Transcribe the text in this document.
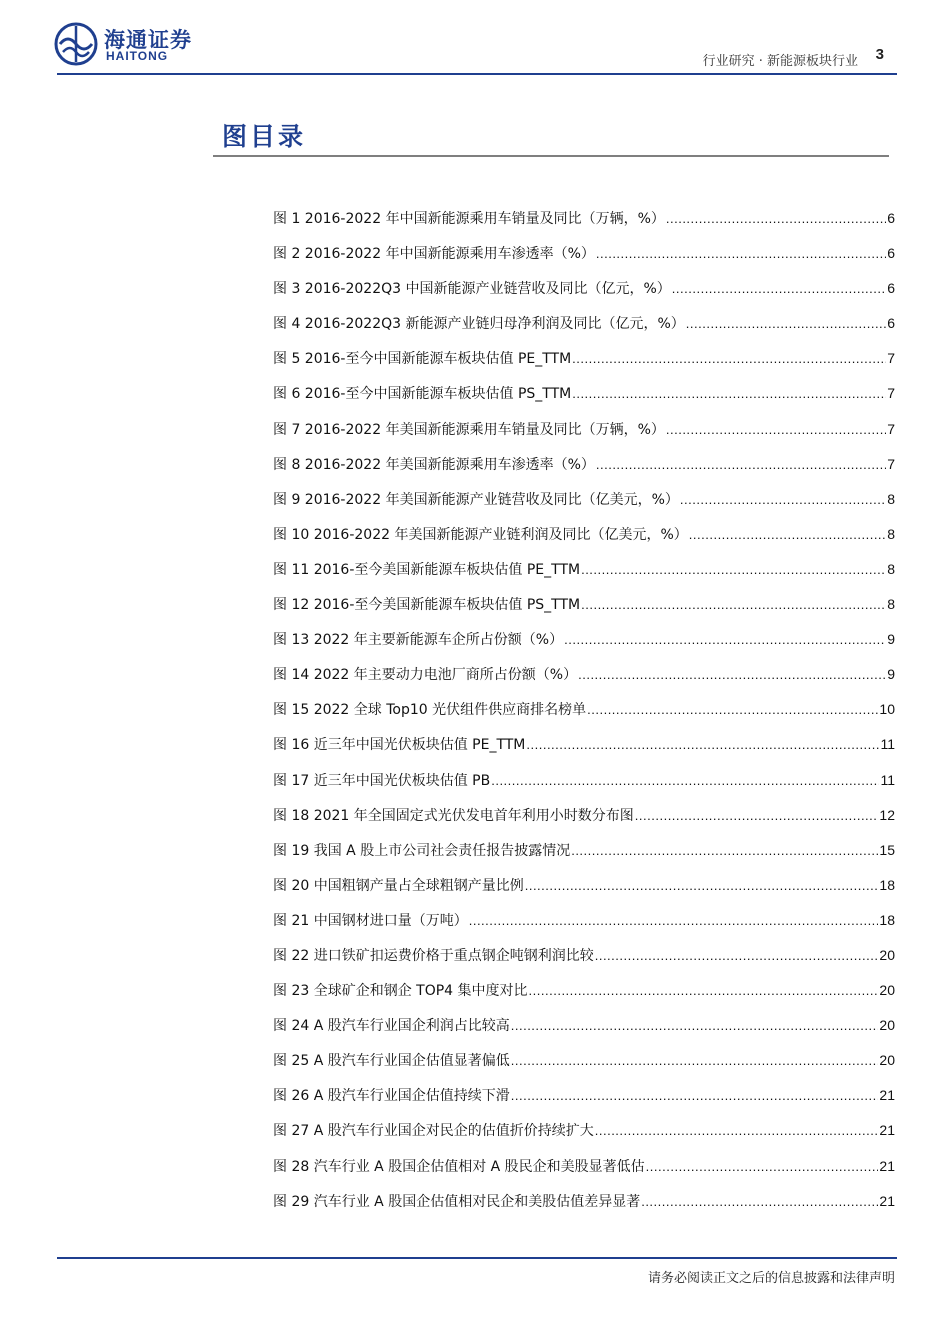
海通证券
HAITONG	行业研究 · 新能源板块行业 3
图目录
图 1 2016-2022 年中国新能源乘用车销量及同比（万辆，%） .....	6
图 2 2016-2022 年中国新能源乘用车渗透率（%） .....	6
图 3 2016-2022Q3 中国新能源产业链营收及同比（亿元，%） .....	6
图 4 2016-2022Q3 新能源产业链归母净利润及同比（亿元，%） .....	6
图 5 2016-至今中国新能源车板块估值 PE_TTM .....	7
图 6 2016-至今中国新能源车板块估值 PS_TTM .....	7
图 7 2016-2022 年美国新能源乘用车销量及同比（万辆，%） .....	7
图 8 2016-2022 年美国新能源乘用车渗透率（%） .....	7
图 9 2016-2022 年美国新能源产业链营收及同比（亿美元，%） .....	8
图 10 2016-2022 年美国新能源产业链利润及同比（亿美元，%） .....	8
图 11 2016-至今美国新能源车板块估值 PE_TTM .....	8
图 12 2016-至今美国新能源车板块估值 PS_TTM .....	8
图 13 2022 年主要新能源车企所占份额（%） .....	9
图 14 2022 年主要动力电池厂商所占份额（%） .....	9
图 15 2022 全球 Top10 光伏组件供应商排名榜单 .....	10
图 16 近三年中国光伏板块估值 PE_TTM .....	11
图 17 近三年中国光伏板块估值 PB .....	11
图 18 2021 年全国固定式光伏发电首年利用小时数分布图 .....	12
图 19 我国 A 股上市公司社会责任报告披露情况 .....	15
图 20 中国粗钢产量占全球粗钢产量比例 .....	18
图 21 中国钢材进口量（万吨） .....	18
图 22 进口铁矿扣运费价格于重点钢企吨钢利润比较 .....	20
图 23 全球矿企和钢企 TOP4 集中度对比 .....	20
图 24 A 股汽车行业国企利润占比较高 .....	20
图 25 A 股汽车行业国企估值显著偏低 .....	20
图 26 A 股汽车行业国企估值持续下滑 .....	21
图 27 A 股汽车行业国企对民企的估值折价持续扩大 .....	21
图 28 汽车行业 A 股国企估值相对 A 股民企和美股显著低估 .....	21
图 29 汽车行业 A 股国企估值相对民企和美股估值差异显著 .....	21
请务必阅读正文之后的信息披露和法律声明
